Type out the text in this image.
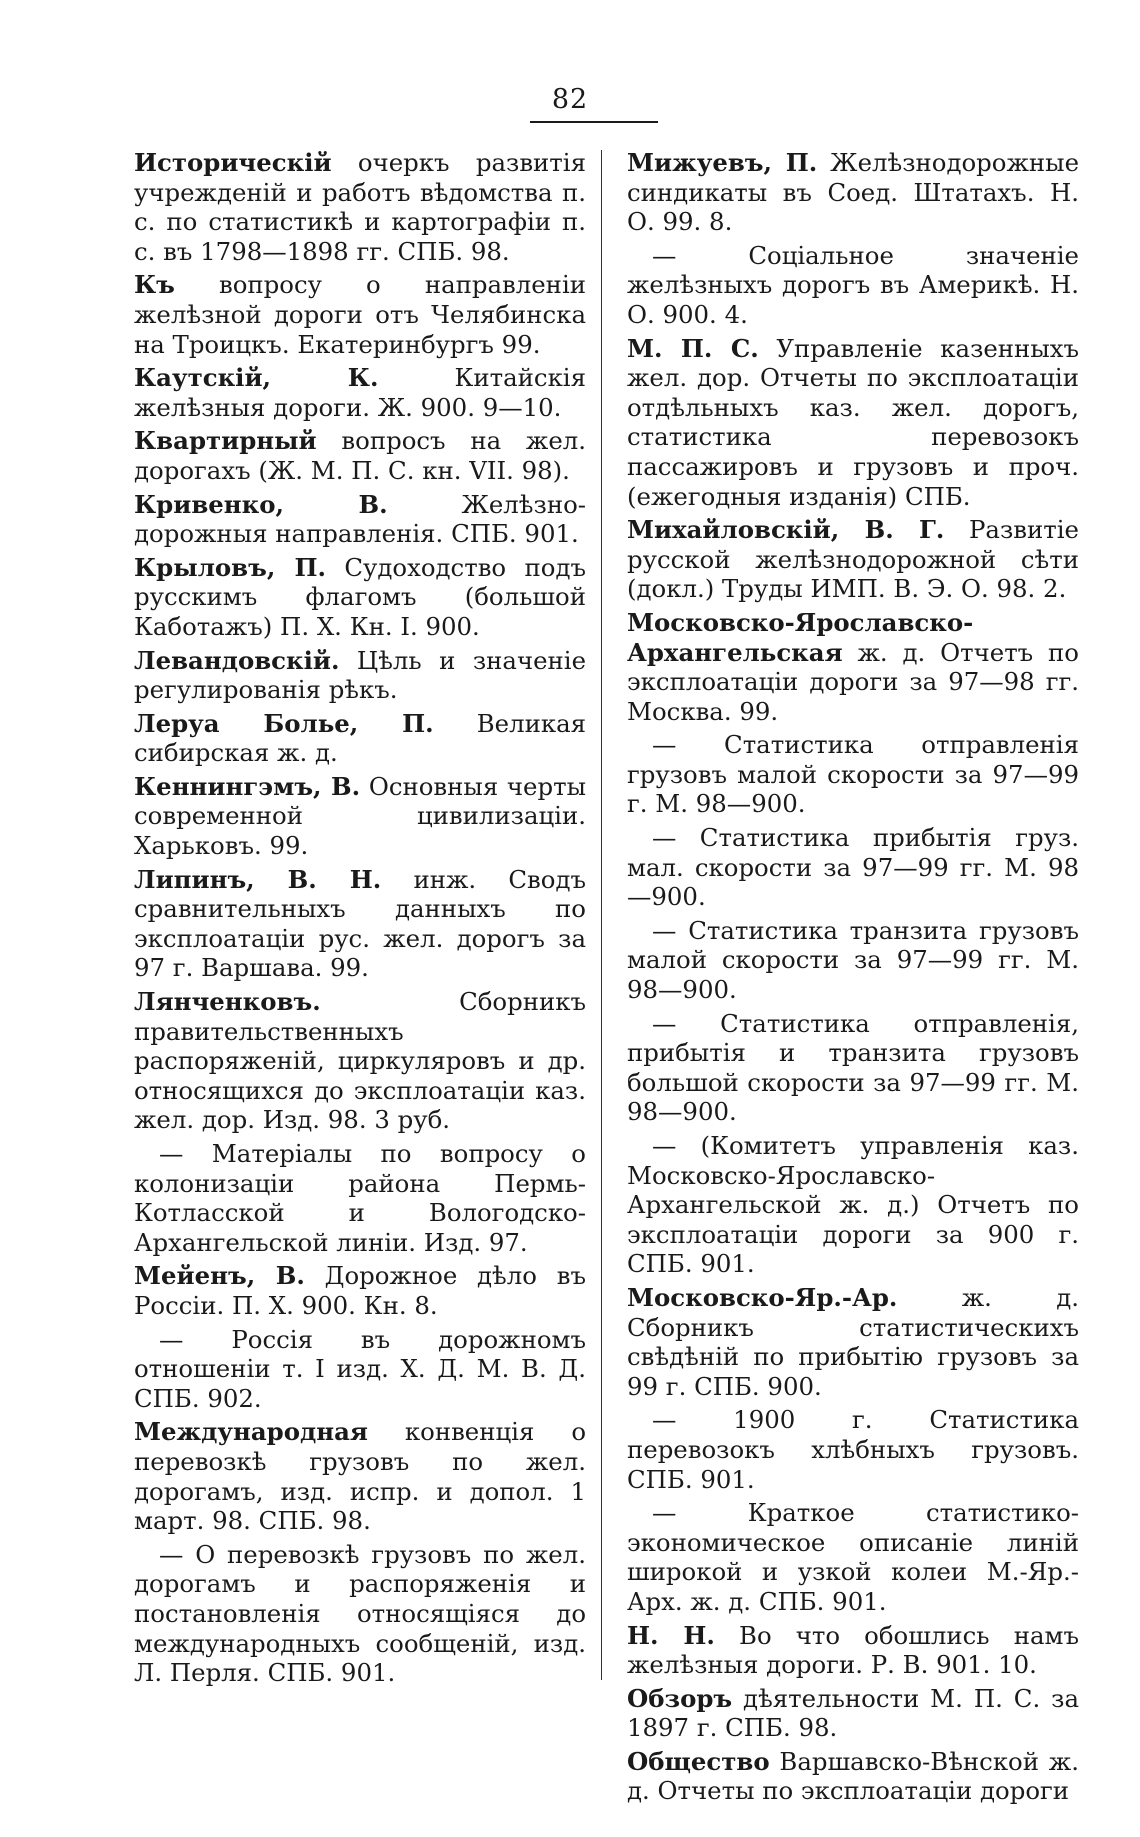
82

Историческій очеркъ развитія учрежденій и работъ вѣдомства п. с. по статистикѣ и картографіи п. с. въ 1798—1898 гг. СПБ. 98.

Къ вопросу о направленіи желѣзной дороги отъ Челябинска на Троицкъ. Екатеринбургъ 99.

Каутскій, К. Китайскія желѣзныя дороги. Ж. 900. 9—10.

Квартирный вопросъ на жел. дорогахъ (Ж. М. П. С. кн. VII. 98).

Кривенко, В. Желѣзно-дорожныя направленія. СПБ. 901.

Крыловъ, П. Судоходство подъ русскимъ флагомъ (большой Каботажъ) П. Х. Кн. I. 900.

Левандовскій. Цѣль и значеніе регулированія рѣкъ.

Леруа Болье, П. Великая сибирская ж. д.

Кеннингэмъ, В. Основныя черты современной цивилизаціи. Харьковъ. 99.

Липинъ, В. Н. инж. Сводъ сравнительныхъ данныхъ по эксплоатаціи рус. жел. дорогъ за 97 г. Варшава. 99.

Лянченковъ. Сборникъ правительственныхъ распоряженій, циркуляровъ и др. относящихся до эксплоатаціи каз. жел. дор. Изд. 98. 3 руб.

— Матеріалы по вопросу о колонизаціи района Пермь-Котласской и Вологодско-Архангельской линіи. Изд. 97.

Мейенъ, В. Дорожное дѣло въ Россіи. П. Х. 900. Кн. 8.

— Россія въ дорожномъ отношеніи т. I изд. Х. Д. М. В. Д. СПБ. 902.

Международная конвенція о перевозкѣ грузовъ по жел. дорогамъ, изд. испр. и допол. 1 март. 98. СПБ. 98.

— О перевозкѣ грузовъ по жел. дорогамъ и распоряженія и постановленія относящіяся до международныхъ сообщеній, изд. Л. Перля. СПБ. 901.

Мижуевъ, П. Желѣзнодорожные синдикаты въ Соед. Штатахъ. Н. О. 99. 8.

— Соціальное значеніе желѣзныхъ дорогъ въ Америкѣ. Н. О. 900. 4.

М. П. С. Управленіе казенныхъ жел. дор. Отчеты по эксплоатаціи отдѣльныхъ каз. жел. дорогъ, статистика перевозокъ пассажировъ и грузовъ и проч. (ежегодныя изданія) СПБ.

Михайловскій, В. Г. Развитіе русской желѣзнодорожной сѣти (докл.) Труды ИМП. В. Э. О. 98. 2.

Московско-Ярославско-Архангельская ж. д. Отчетъ по эксплоатаціи дороги за 97—98 гг. Москва. 99.

— Статистика отправленія грузовъ малой скорости за 97—99 г. М. 98—900.

— Статистика прибытія груз. мал. скорости за 97—99 гг. М. 98—900.

— Статистика транзита грузовъ малой скорости за 97—99 гг. М. 98—900.

— Статистика отправленія, прибытія и транзита грузовъ большой скорости за 97—99 гг. М. 98—900.

— (Комитетъ управленія каз. Московско-Ярославско-Архангельской ж. д.) Отчетъ по эксплоатаціи дороги за 900 г. СПБ. 901.

Московско-Яр.-Ар. ж. д. Сборникъ статистическихъ свѣдѣній по прибытію грузовъ за 99 г. СПБ. 900.

— 1900 г. Статистика перевозокъ хлѣбныхъ грузовъ. СПБ. 901.

— Краткое статистико-экономическое описаніе линій широкой и узкой колеи М.-Яр.-Арх. ж. д. СПБ. 901.

Н. Н. Во что обошлись намъ желѣзныя дороги. Р. В. 901. 10.

Обзоръ дѣятельности М. П. С. за 1897 г. СПБ. 98.

Общество Варшавско-Вѣнской ж. д. Отчеты по эксплоатаціи дороги
